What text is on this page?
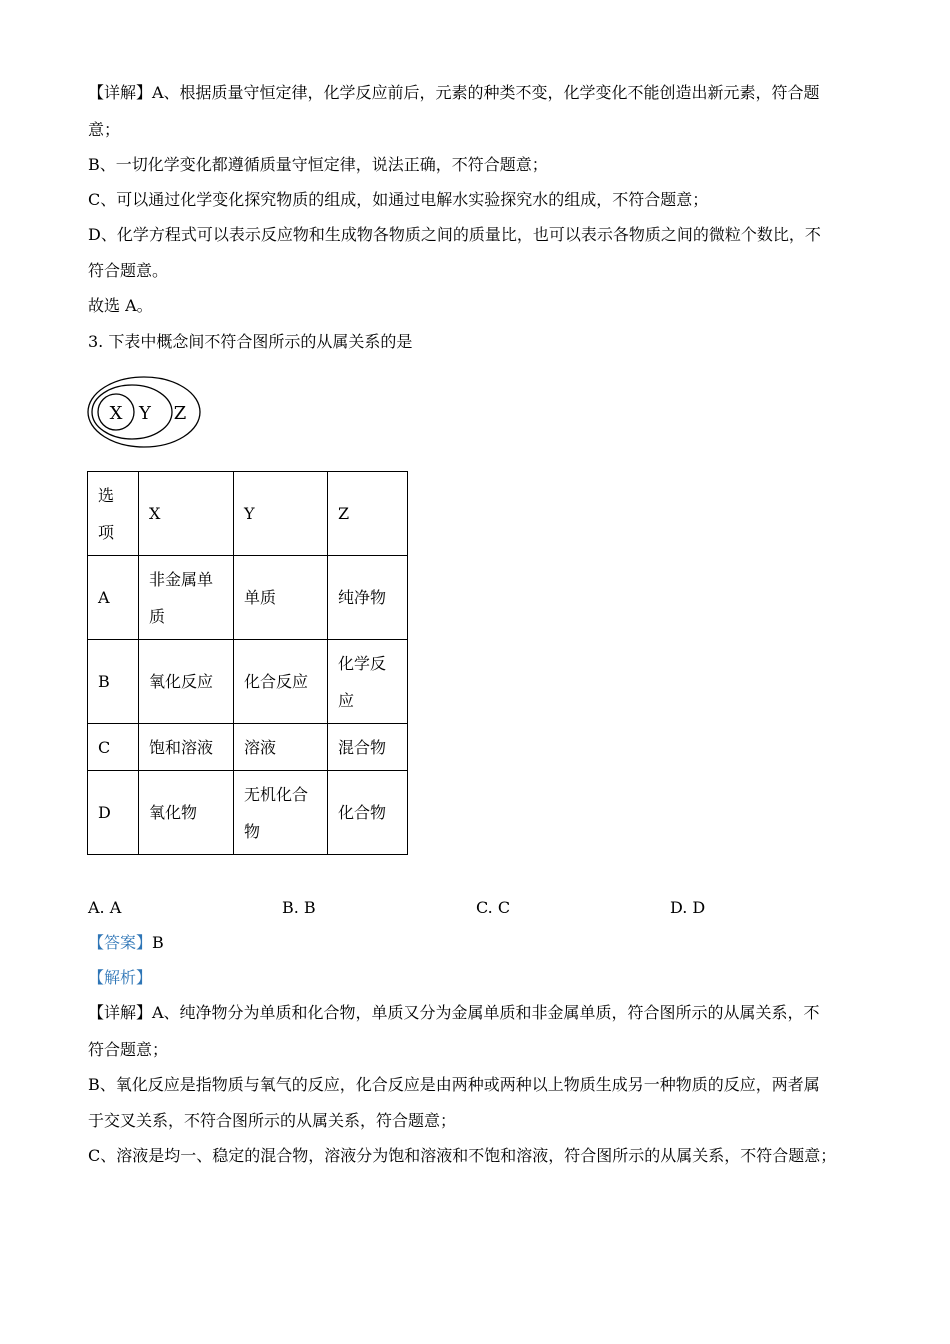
【详解】A、根据质量守恒定律，化学反应前后，元素的种类不变，化学变化不能创造出新元素，符合题
意；
B、一切化学变化都遵循质量守恒定律，说法正确，不符合题意；
C、可以通过化学变化探究物质的组成，如通过电解水实验探究水的组成，不符合题意；
D、化学方程式可以表示反应物和生成物各物质之间的质量比，也可以表示各物质之间的微粒个数比，不
符合题意。
故选 A。
3. 下表中概念间不符合图所示的从属关系的是
X Y Z
选
项	X	Y	Z
A	非金属单
质	单质	纯净物
B	氧化反应	化合反应	化学反
应

C	饱和溶液	溶液	混合物
D	氧化物	无机化合
物	化合物
A. A	B. B	C. C	D. D
【答案】B
【解析】
【详解】A、纯净物分为单质和化合物，单质又分为金属单质和非金属单质，符合图所示的从属关系，不
符合题意；
B、氧化反应是指物质与氧气的反应，化合反应是由两种或两种以上物质生成另一种物质的反应，两者属
于交叉关系，不符合图所示的从属关系，符合题意；
C、溶液是均一、稳定的混合物，溶液分为饱和溶液和不饱和溶液，符合图所示的从属关系，不符合题意；
